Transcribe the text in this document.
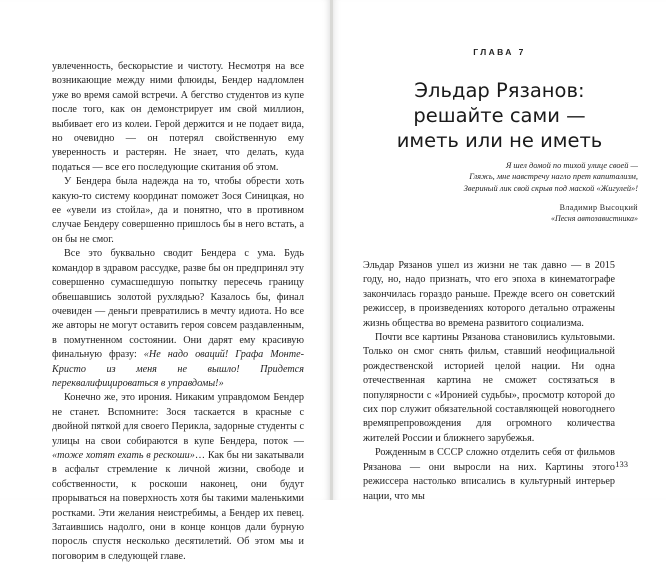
увлеченность, бескорыстие и чистоту. Несмотря на все возникающие между ними флюиды, Бендер надломлен уже во время самой встречи. А бегство студентов из купе после того, как он демонстрирует им свой миллион, выбивает его из колеи. Герой держится и не подает вида, но очевидно — он потерял свойственную ему уверенность и растерян. Не знает, что делать, куда податься — все его последующие скитания об этом.

У Бендера была надежда на то, чтобы обрести хоть какую-то систему координат поможет Зося Синицкая, но ее «увели из стойла», да и понятно, что в противном случае Бендеру совершенно пришлось бы в него встать, а он бы не смог.

Все это буквально сводит Бендера с ума. Будь командор в здравом рассудке, разве бы он предпринял эту совершенно сумасшедшую попытку пересечь границу обвешавшись золотой рухлядью? Казалось бы, финал очевиден — деньги превратились в мечту идиота. Но все же авторы не могут оставить героя совсем раздавленным, в помутненном состоянии. Они дарят ему красивую финальную фразу: «Не надо оваций! Графа Монте-Кристо из меня не вышло! Придется переквалифицироваться в управдомы!»

Конечно же, это ирония. Никаким управдомом Бендер не станет. Вспомните: Зося таскается в красные с двойной пяткой для своего Перикла, задорные студенты с улицы на свои собираются в купе Бендера, поток — «тоже хотят ехать в рескоши»… Как бы ни закатывали в асфальт стремление к личной жизни, свободе и собственности, к роскоши наконец, они будут прорываться на поверхность хотя бы такими маленькими ростками. Эти желания неистребимы, а Бендер их певец. Затаившись надолго, они в конце концов дали бурную поросль спустя несколько десятилетий. Об этом мы и поговорим в следующей главе.

ГЛАВА 7
Эльдар Рязанов:
решайте сами —
иметь или не иметь
Я шел домой по тихой улице своей —
Гляжь, мне навстречу нагло прет капитализм,
Звериный лик свой скрыв под маской «Жигулей»!
Владимир Высоцкий
«Песня автозавистника»

Эльдар Рязанов ушел из жизни не так давно — в 2015 году, но, надо признать, что его эпоха в кинематографе закончилась гораздо раньше. Прежде всего он советский режиссер, в произведениях которого детально отражены жизнь общества во времена развитого социализма.

Почти все картины Рязанова становились культовыми. Только он смог снять фильм, ставший неофициальной рождественской историей целой нации. Ни одна отечественная картина не сможет состязаться в популярности с «Иронией судьбы», просмотр которой до сих пор служит обязательной составляющей новогоднего времяпрепровождения для огромного количества жителей России и ближнего зарубежья.

Рожденным в СССР сложно отделить себя от фильмов Рязанова — они выросли на них. Картины этого режиссера настолько вписались в культурный интерьер нации, что мы

133
